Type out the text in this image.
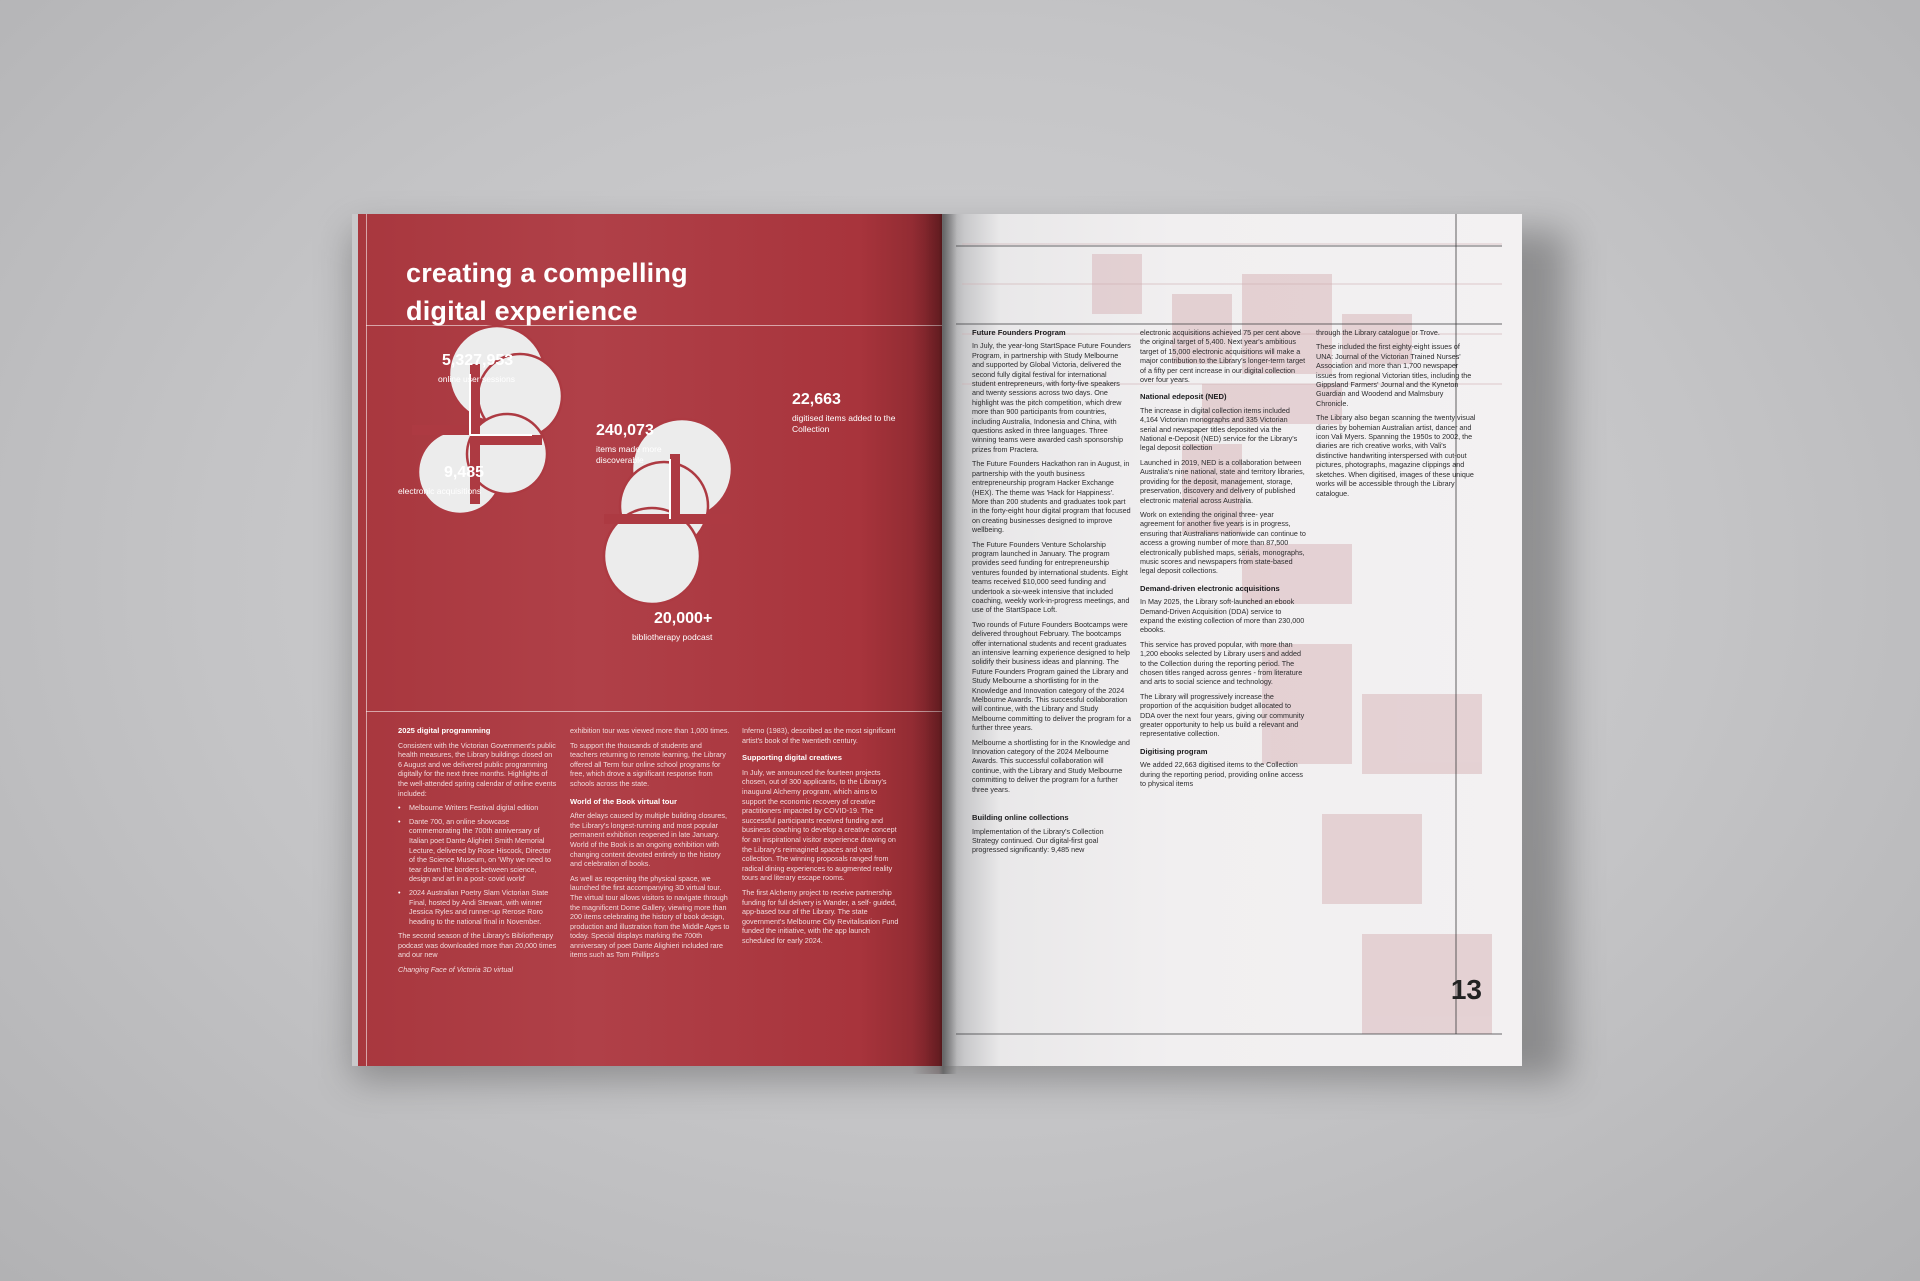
creating a compelling
digital experience
5,327,953
online user sessions
9,485
electronic acquisitions
240,073
items made more discoverable
22,663
digitised items added to the Collection
20,000+
bibliotherapy podcast
2025 digital programming

Consistent with the Victorian Government's public health measures, the Library buildings closed on 6 August and we delivered public programming digitally for the next three months. Highlights of the well-attended spring calendar of online events included:

• Melbourne Writers Festival digital edition
• Dante 700, an online showcase commemorating the 700th anniversary of Italian poet Dante Alighieri Smith Memorial Lecture, delivered by Rose Hiscock, Director of the Science Museum, on 'Why we need to tear down the borders between science, design and art in a post- covid world'
• 2024 Australian Poetry Slam Victorian State Final, hosted by Andi Stewart, with winner Jessica Ryles and runner-up Rerose Roro heading to the national final in November.

The second season of the Library's Bibliotherapy podcast was downloaded more than 20,000 times and our new

Changing Face of Victoria 3D virtual

exhibition tour was viewed more than 1,000 times.

To support the thousands of students and teachers returning to remote learning, the Library offered all Term four online school programs for free, which drove a significant response from schools across the state.

World of the Book virtual tour

After delays caused by multiple building closures, the Library's longest-running and most popular permanent exhibition reopened in late January. World of the Book is an ongoing exhibition with changing content devoted entirely to the history and celebration of books.

As well as reopening the physical space, we launched the first accompanying 3D virtual tour. The virtual tour allows visitors to navigate through the magnificent Dome Gallery, viewing more than 200 items celebrating the history of book design, production and illustration from the Middle Ages to today. Special displays marking the 700th anniversary of poet Dante Alighieri included rare items such as Tom Phillips's

Inferno (1983), described as the most significant artist's book of the twentieth century.

Supporting digital creatives

In July, we announced the fourteen projects chosen, out of 300 applicants, to the Library's inaugural Alchemy program, which aims to support the economic recovery of creative practitioners impacted by COVID-19. The successful participants received funding and business coaching to develop a creative concept for an inspirational visitor experience drawing on the Library's reimagined spaces and vast collection. The winning proposals ranged from radical dining experiences to augmented reality tours and literary escape rooms.

The first Alchemy project to receive partnership funding for full delivery is Wander, a self- guided, app-based tour of the Library. The state government's Melbourne City Revitalisation Fund funded the initiative, with the app launch scheduled for early 2024.

Future Founders Program

In July, the year-long StartSpace Future Founders Program, in partnership with Study Melbourne and supported by Global Victoria, delivered the second fully digital festival for international student entrepreneurs, with forty-five speakers and twenty sessions across two days. One highlight was the pitch competition, which drew more than 900 participants from countries, including Australia, Indonesia and China, with questions asked in three languages. Three winning teams were awarded cash sponsorship prizes from Practera.

The Future Founders Hackathon ran in August, in partnership with the youth business entrepreneurship program Hacker Exchange (HEX). The theme was 'Hack for Happiness'. More than 200 students and graduates took part in the forty-eight hour digital program that focused on creating businesses designed to improve wellbeing.

The Future Founders Venture Scholarship program launched in January. The program provides seed funding for entrepreneurship ventures founded by international students. Eight teams received $10,000 seed funding and undertook a six-week intensive that included coaching, weekly work-in-progress meetings, and use of the StartSpace Loft.

Two rounds of Future Founders Bootcamps were delivered throughout February. The bootcamps offer international students and recent graduates an intensive learning experience designed to help solidify their business ideas and planning. The Future Founders Program gained the Library and Study Melbourne a shortlisting for in the Knowledge and Innovation category of the 2024 Melbourne Awards. This successful collaboration will continue, with the Library and Study Melbourne committing to deliver the program for a further three years.

Melbourne a shortlisting for in the Knowledge and Innovation category of the 2024 Melbourne Awards. This successful collaboration will continue, with the Library and Study Melbourne committing to deliver the program for a further three years.

Building online collections

Implementation of the Library's Collection Strategy continued. Our digital-first goal progressed significantly: 9,485 new

electronic acquisitions achieved 75 per cent above the original target of 5,400. Next year's ambitious target of 15,000 electronic acquisitions will make a major contribution to the Library's longer-term target of a fifty per cent increase in our digital collection over four years.

National edeposit (NED)

The increase in digital collection items included 4,164 Victorian monographs and 335 Victorian serial and newspaper titles deposited via the National e-Deposit (NED) service for the Library's legal deposit collection

Launched in 2019, NED is a collaboration between Australia's nine national, state and territory libraries, providing for the deposit, management, storage, preservation, discovery and delivery of published electronic material across Australia.

Work on extending the original three- year agreement for another five years is in progress, ensuring that Australians nationwide can continue to access a growing number of more than 87,500 electronically published maps, serials, monographs, music scores and newspapers from state-based legal deposit collections.

Demand-driven electronic acquisitions

In May 2025, the Library soft-launched an ebook Demand-Driven Acquisition (DDA) service to expand the existing collection of more than 230,000 ebooks.

This service has proved popular, with more than 1,200 ebooks selected by Library users and added to the Collection during the reporting period. The chosen titles ranged across genres - from literature and arts to social science and technology.

The Library will progressively increase the proportion of the acquisition budget allocated to DDA over the next four years, giving our community greater opportunity to help us build a relevant and representative collection.

Digitising program

We added 22,663 digitised items to the Collection during the reporting period, providing online access to physical items

through the Library catalogue or Trove.

These included the first eighty-eight issues of UNA: Journal of the Victorian Trained Nurses' Association and more than 1,700 newspaper issues from regional Victorian titles, including the Gippsland Farmers' Journal and the Kyneton Guardian and Woodend and Malmsbury Chronicle.

The Library also began scanning the twenty visual diaries by bohemian Australian artist, dancer and icon Vali Myers. Spanning the 1950s to 2002, the diaries are rich creative works, with Vali's distinctive handwriting interspersed with cut-out pictures, photographs, magazine clippings and sketches. When digitised, images of these unique works will be accessible through the Library catalogue.

13
